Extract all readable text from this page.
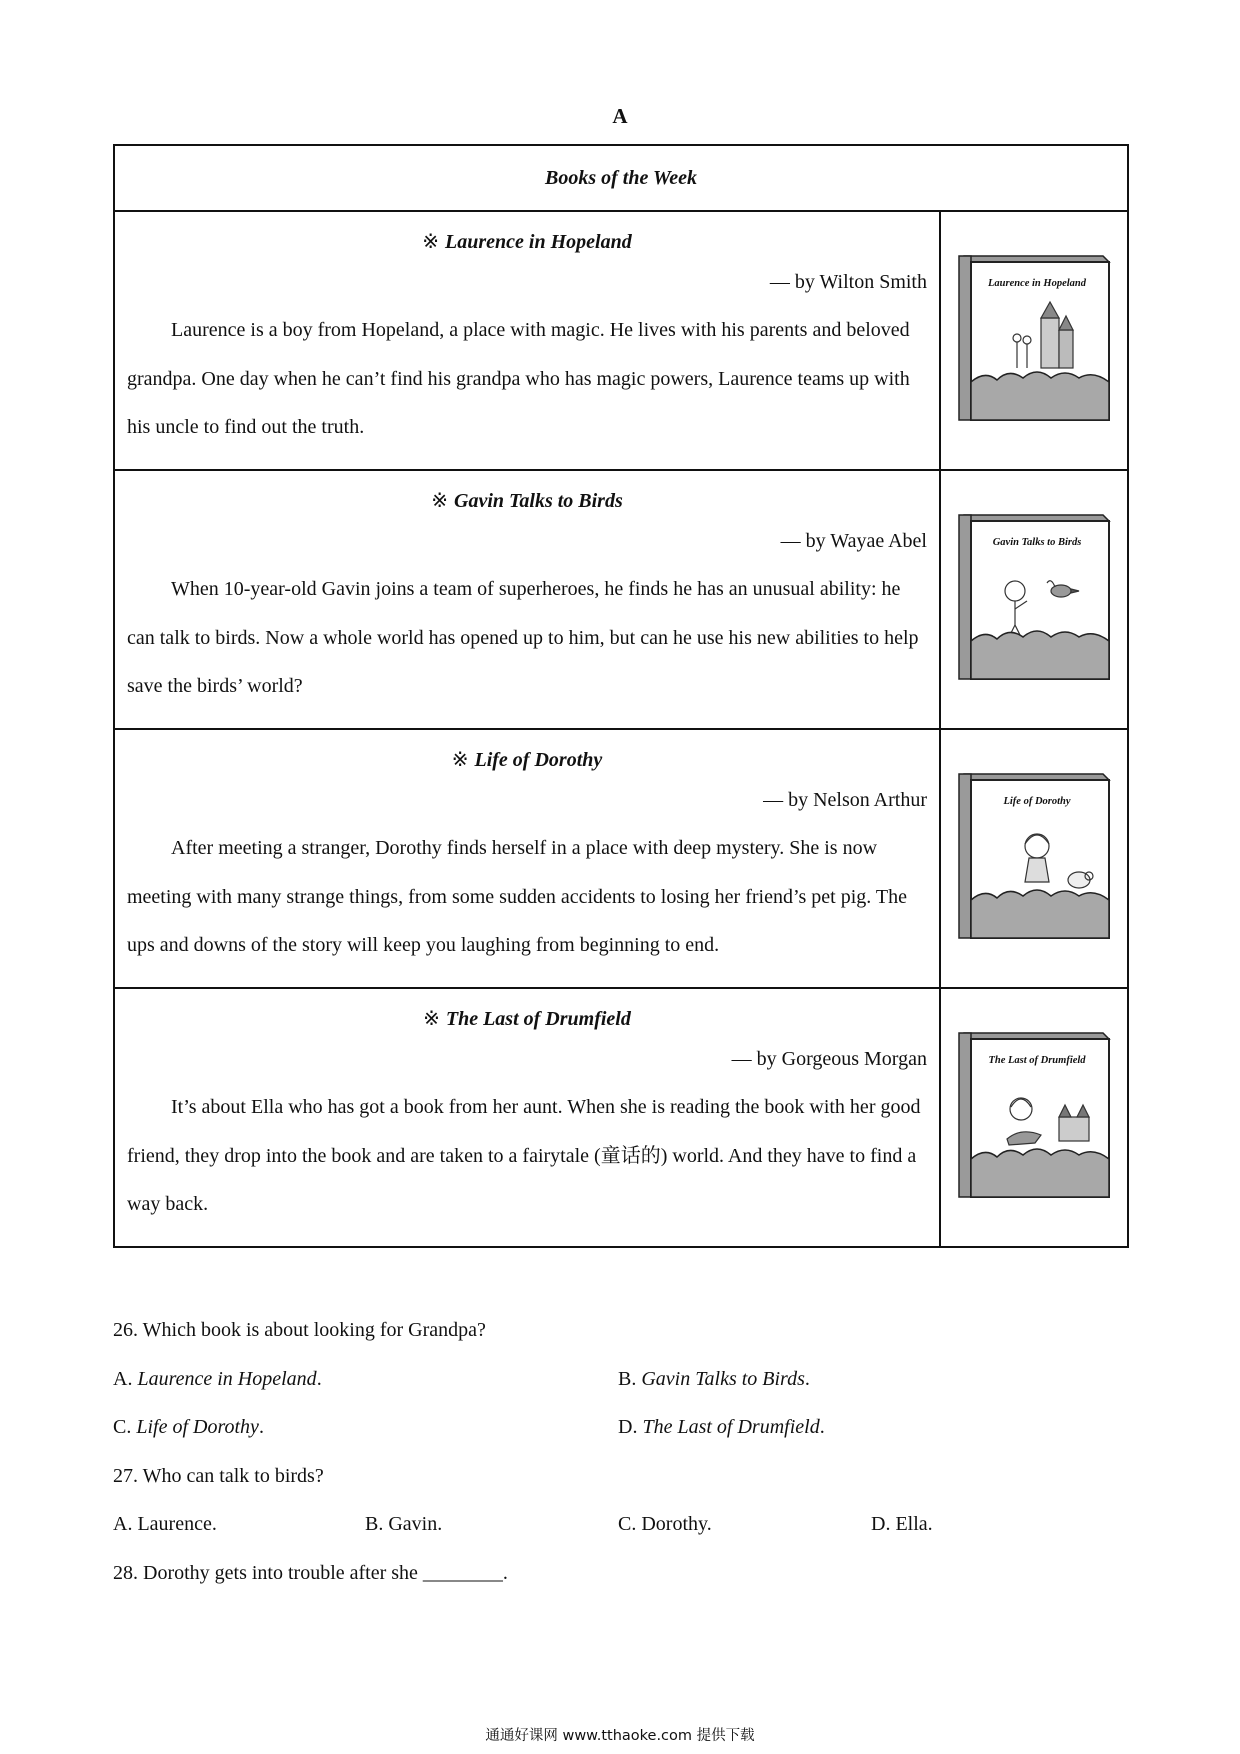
A
Books of the Week	

※ Laurence in Hopeland
— by Wilton Smith

Laurence is a boy from Hopeland, a place with magic. He lives with his parents and beloved grandpa. One day when he can’t find his grandpa who has magic powers, Laurence teams up with his uncle to find out the truth.	Laurence in Hopeland

※ Gavin Talks to Birds
— by Wayae Abel

When 10-year-old Gavin joins a team of superheroes, he finds he has an unusual ability: he can talk to birds. Now a whole world has opened up to him, but can he use his new abilities to help save the birds’ world?	Gavin Talks to Birds

※ Life of Dorothy
— by Nelson Arthur

After meeting a stranger, Dorothy finds herself in a place with deep mystery. She is now meeting with many strange things, from some sudden accidents to losing her friend’s pet pig. The ups and downs of the story will keep you laughing from beginning to end.	Life of Dorothy

※ The Last of Drumfield
— by Gorgeous Morgan

It’s about Ella who has got a book from her aunt. When she is reading the book with her good friend, they drop into the book and are taken to a fairytale (童话的) world. And they have to find a way back.	The Last of Drumfield
26. Which book is about looking for Grandpa?
A. Laurence in Hopeland.	B. Gavin Talks to Birds.
C. Life of Dorothy.	D. The Last of Drumfield.
27. Who can talk to birds?
A. Laurence.	B. Gavin.	C. Dorothy.	D. Ella.
28. Dorothy gets into trouble after she ________.
通通好课网 www.tthaoke.com 提供下载
